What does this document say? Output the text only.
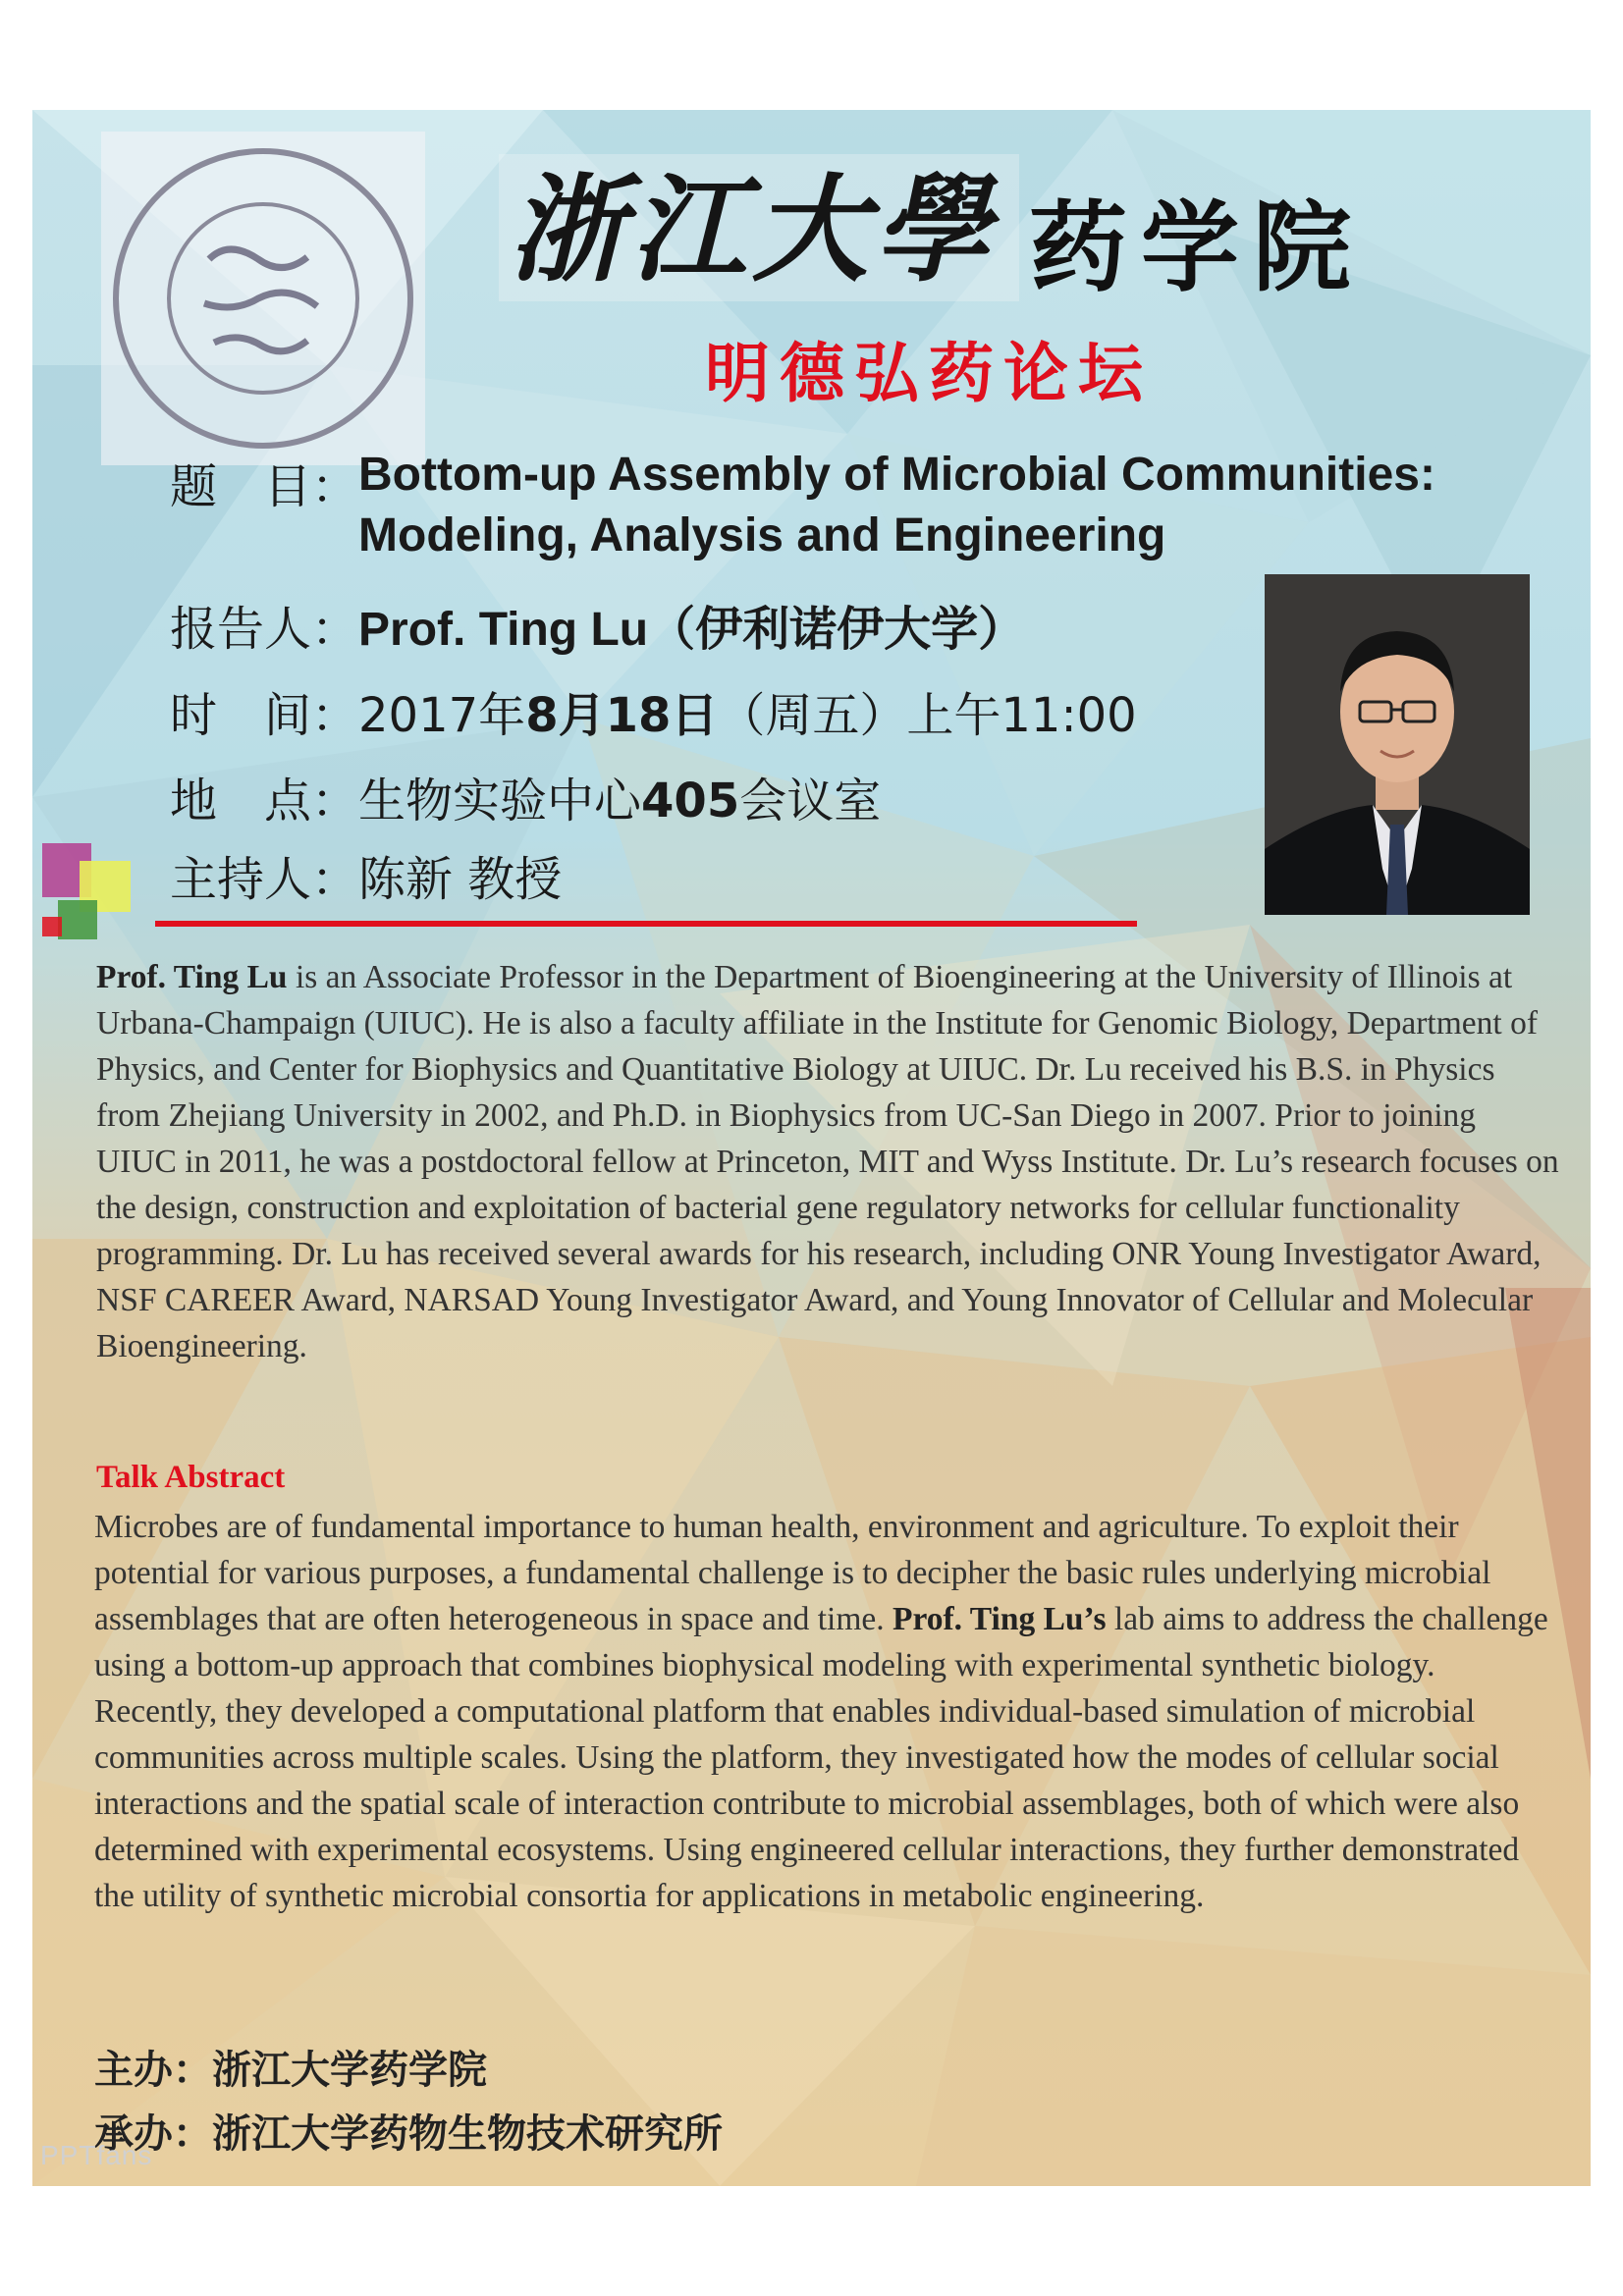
浙江大學 药学院
明德弘药论坛
题　目：Bottom-up Assembly of Microbial Communities:
Modeling, Analysis and Engineering
报告人：Prof. Ting Lu（伊利诺伊大学）
时　间：2017年8月18日（周五）上午11:00
地　点：生物实验中心405会议室
主持人：陈新 教授
Prof. Ting Lu is an Associate Professor in the Department of Bioengineering at the University of Illinois at Urbana-Champaign (UIUC). He is also a faculty affiliate in the Institute for Genomic Biology, Department of Physics, and Center for Biophysics and Quantitative Biology at UIUC. Dr. Lu received his B.S. in Physics from Zhejiang University in 2002, and Ph.D. in Biophysics from UC-San Diego in 2007. Prior to joining UIUC in 2011, he was a postdoctoral fellow at Princeton, MIT and Wyss Institute. Dr. Lu’s research focuses on the design, construction and exploitation of bacterial gene regulatory networks for cellular functionality programming. Dr. Lu has received several awards for his research, including ONR Young Investigator Award, NSF CAREER Award, NARSAD Young Investigator Award, and Young Innovator of Cellular and Molecular Bioengineering.
Talk Abstract
Microbes are of fundamental importance to human health, environment and agriculture. To exploit their potential for various purposes, a fundamental challenge is to decipher the basic rules underlying microbial assemblages that are often heterogeneous in space and time. Prof. Ting Lu’s lab aims to address the challenge using a bottom-up approach that combines biophysical modeling with experimental synthetic biology. Recently, they developed a computational platform that enables individual-based simulation of microbial communities across multiple scales. Using the platform, they investigated how the modes of cellular social interactions and the spatial scale of interaction contribute to microbial assemblages, both of which were also determined with experimental ecosystems. Using engineered cellular interactions, they further demonstrated the utility of synthetic microbial consortia for applications in metabolic engineering.
主办：浙江大学药学院
承办：浙江大学药物生物技术研究所
PPTfans
